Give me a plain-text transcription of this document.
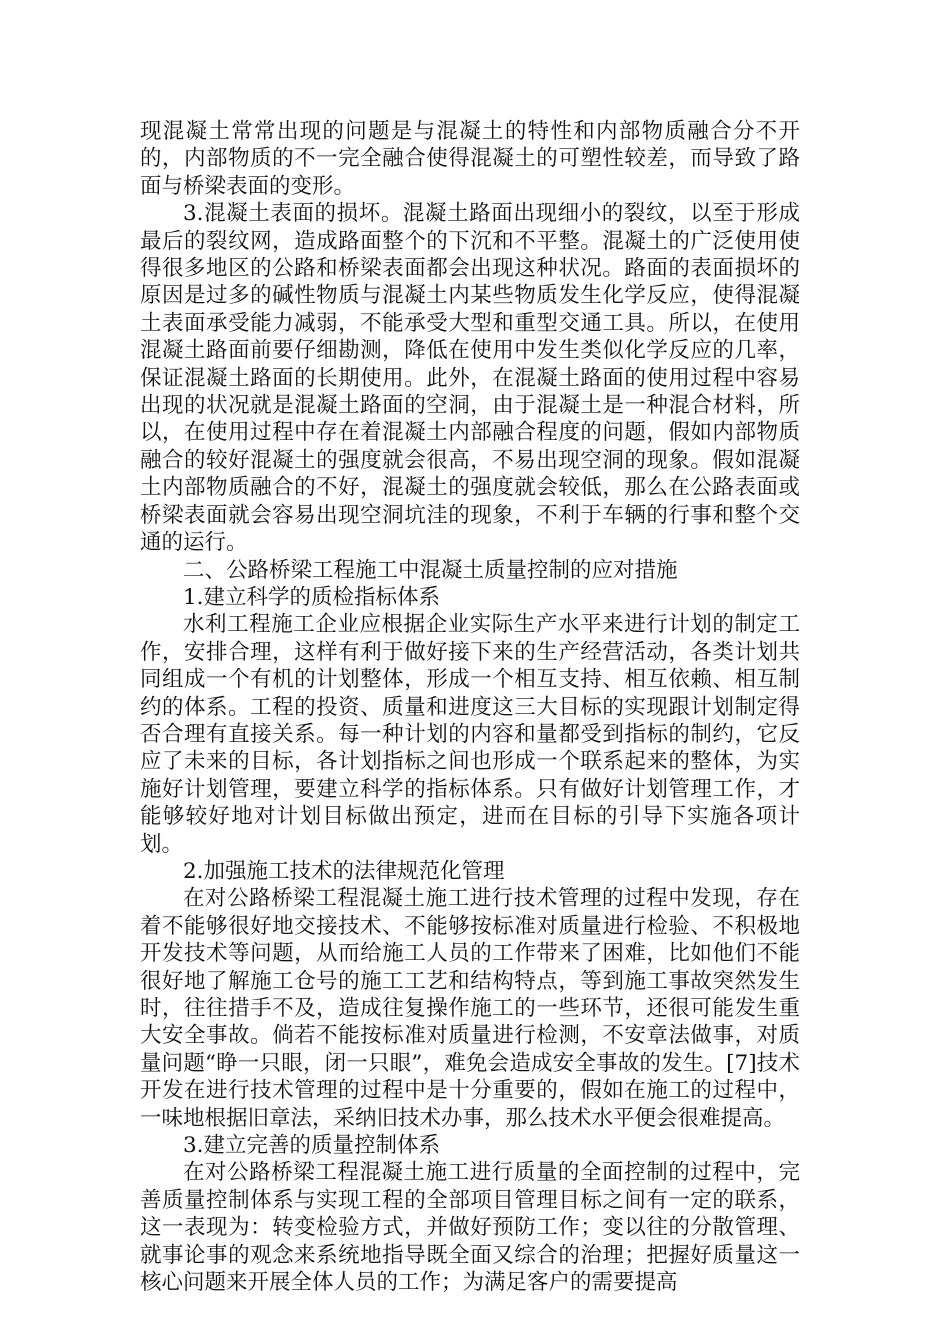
现混凝土常常出现的问题是与混凝土的特性和内部物质融合分不开的，内部物质的不一完全融合使得混凝土的可塑性较差，而导致了路面与桥梁表面的变形。

3.混凝土表面的损坏。混凝土路面出现细小的裂纹，以至于形成最后的裂纹网，造成路面整个的下沉和不平整。混凝土的广泛使用使得很多地区的公路和桥梁表面都会出现这种状况。路面的表面损坏的原因是过多的碱性物质与混凝土内某些物质发生化学反应，使得混凝土表面承受能力减弱，不能承受大型和重型交通工具。所以，在使用混凝土路面前要仔细勘测，降低在使用中发生类似化学反应的几率，保证混凝土路面的长期使用。此外，在混凝土路面的使用过程中容易出现的状况就是混凝土路面的空洞，由于混凝土是一种混合材料，所以，在使用过程中存在着混凝土内部融合程度的问题，假如内部物质融合的较好混凝土的强度就会很高，不易出现空洞的现象。假如混凝土内部物质融合的不好，混凝土的强度就会较低，那么在公路表面或桥梁表面就会容易出现空洞坑洼的现象，不利于车辆的行事和整个交通的运行。

二、公路桥梁工程施工中混凝土质量控制的应对措施

1.建立科学的质检指标体系

水利工程施工企业应根据企业实际生产水平来进行计划的制定工作，安排合理，这样有利于做好接下来的生产经营活动，各类计划共同组成一个有机的计划整体，形成一个相互支持、相互依赖、相互制约的体系。工程的投资、质量和进度这三大目标的实现跟计划制定得否合理有直接关系。每一种计划的内容和量都受到指标的制约，它反应了未来的目标，各计划指标之间也形成一个联系起来的整体，为实施好计划管理，要建立科学的指标体系。只有做好计划管理工作，才能够较好地对计划目标做出预定，进而在目标的引导下实施各项计划。

2.加强施工技术的法律规范化管理

在对公路桥梁工程混凝土施工进行技术管理的过程中发现，存在着不能够很好地交接技术、不能够按标准对质量进行检验、不积极地开发技术等问题，从而给施工人员的工作带来了困难，比如他们不能很好地了解施工仓号的施工工艺和结构特点，等到施工事故突然发生时，往往措手不及，造成往复操作施工的一些环节，还很可能发生重大安全事故。倘若不能按标准对质量进行检测，不安章法做事，对质量问题“睁一只眼，闭一只眼”，难免会造成安全事故的发生。[7]技术开发在进行技术管理的过程中是十分重要的，假如在施工的过程中，一味地根据旧章法，采纳旧技术办事，那么技术水平便会很难提高。

3.建立完善的质量控制体系

在对公路桥梁工程混凝土施工进行质量的全面控制的过程中，完善质量控制体系与实现工程的全部项目管理目标之间有一定的联系，这一表现为：转变检验方式，并做好预防工作；变以往的分散管理、就事论事的观念来系统地指导既全面又综合的治理；把握好质量这一核心问题来开展全体人员的工作；为满足客户的需要提高
